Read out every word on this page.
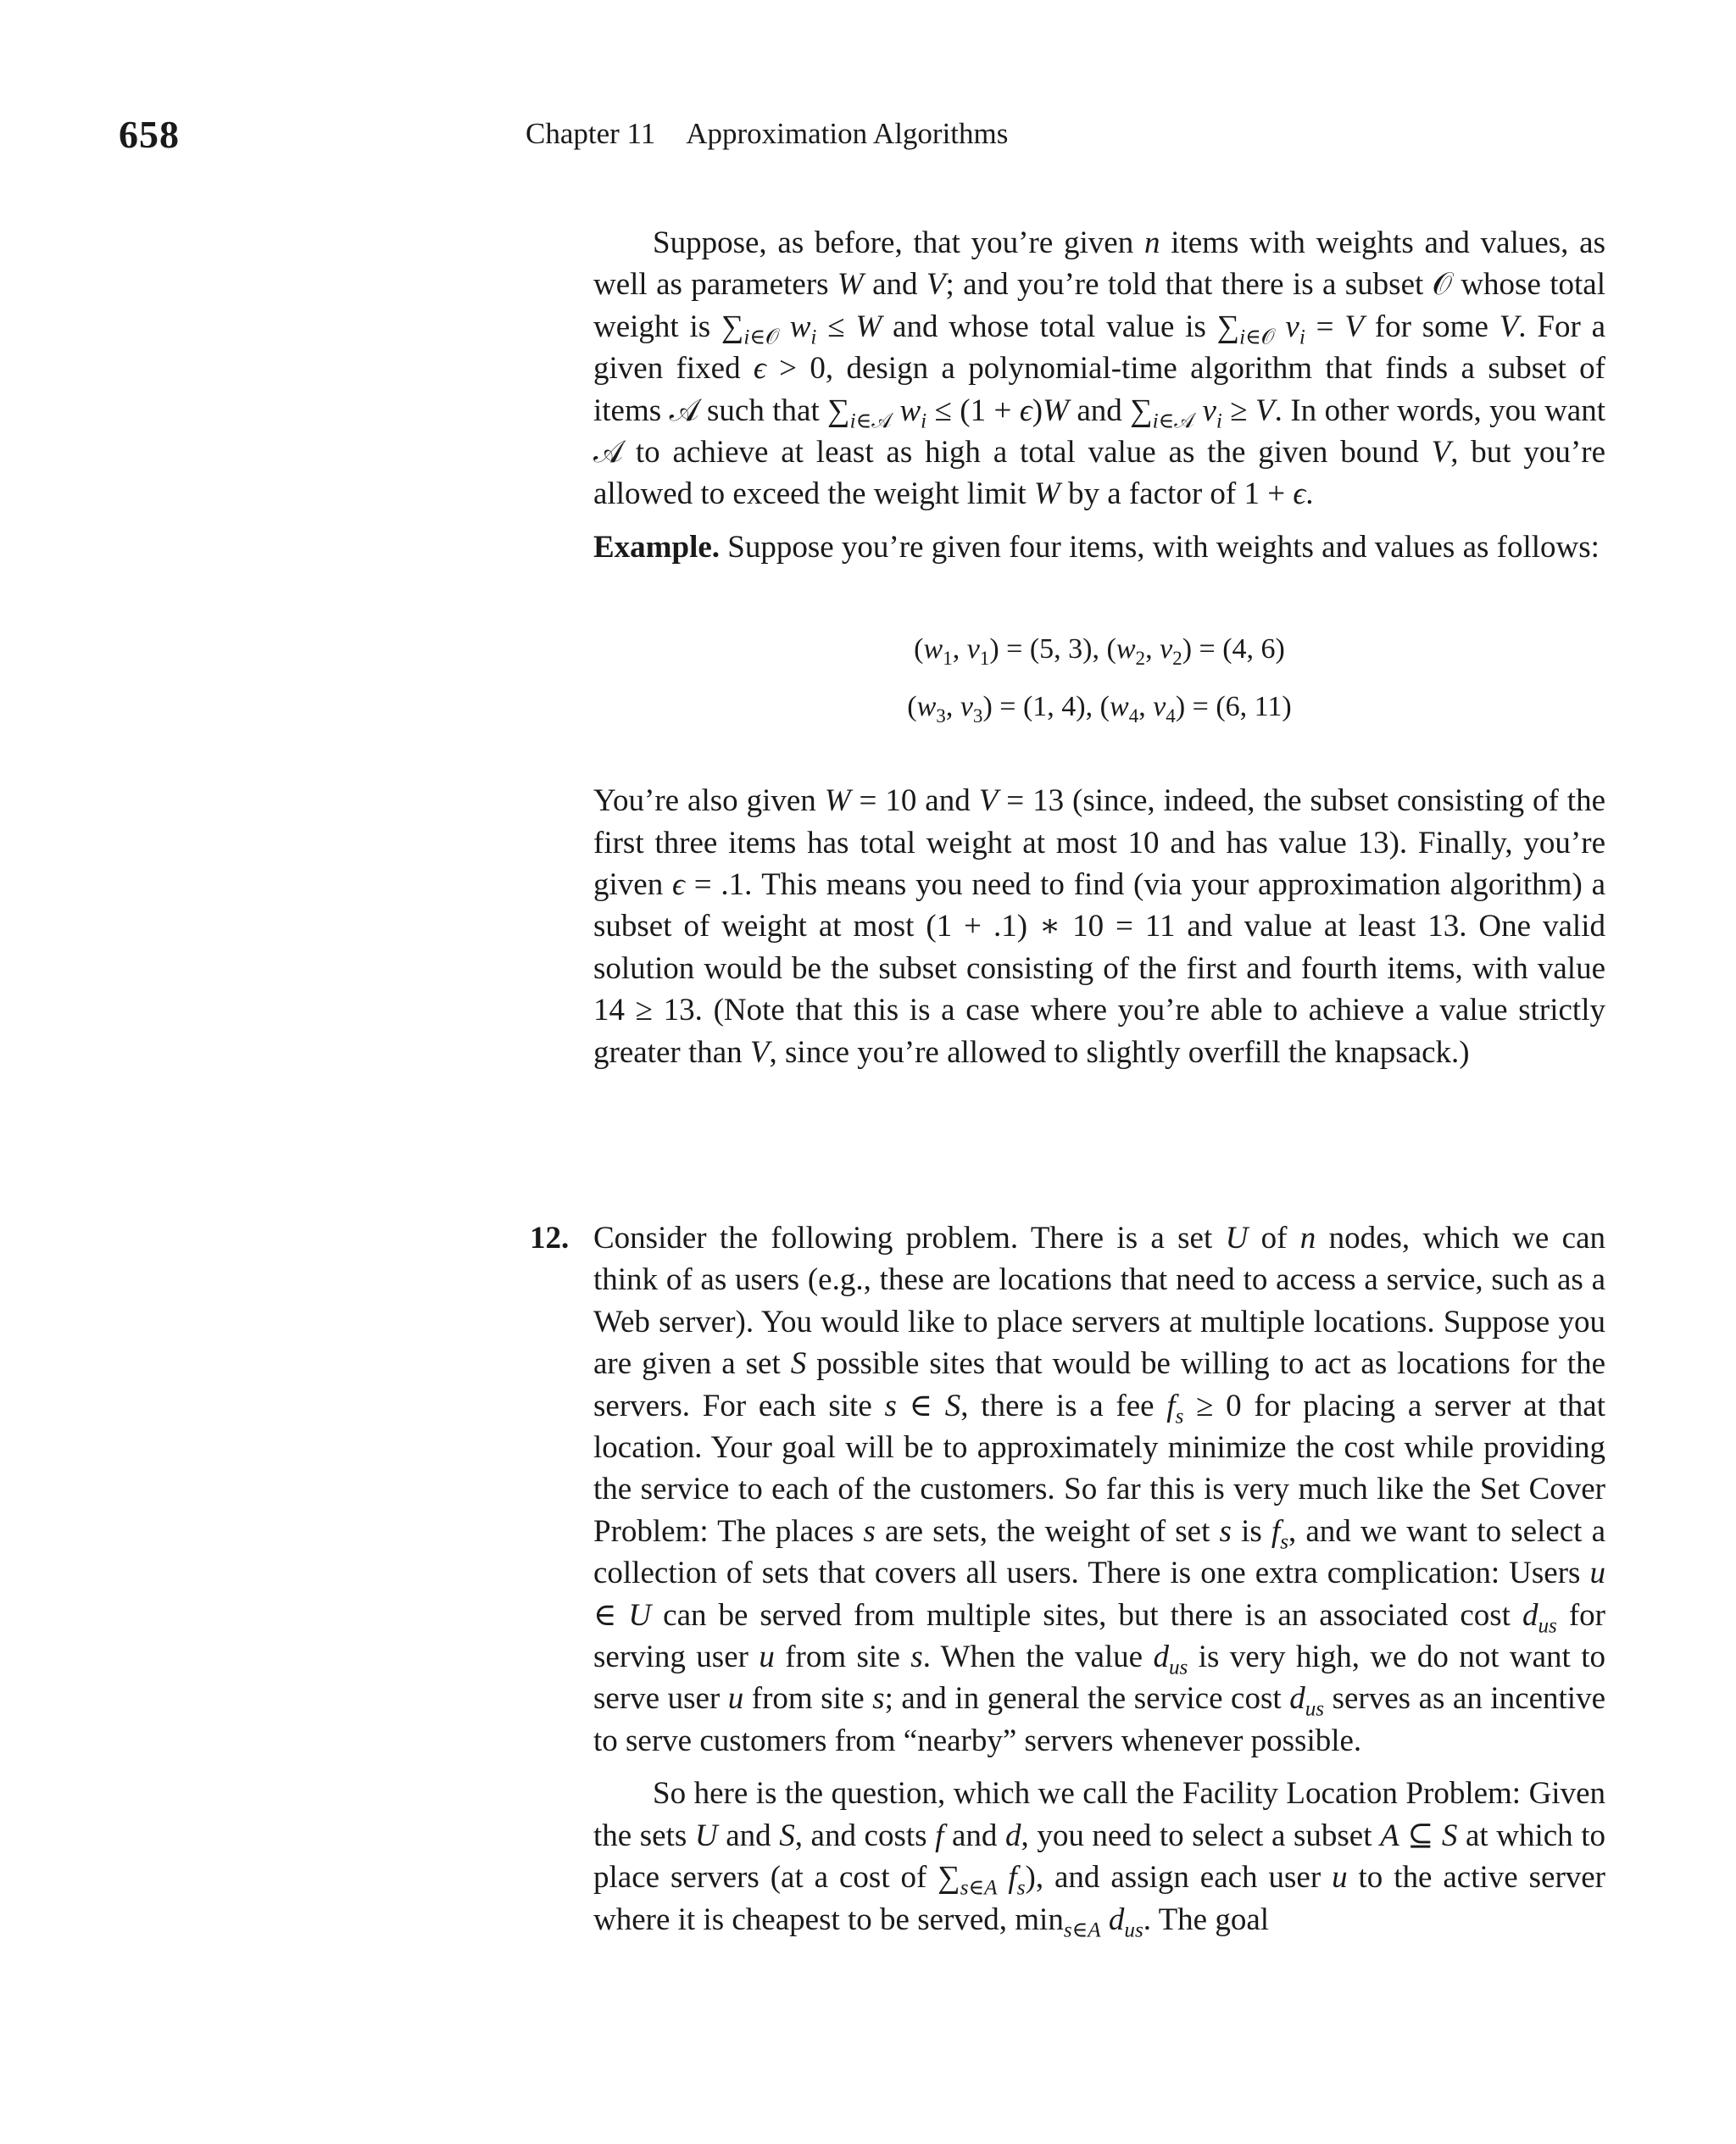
658	Chapter 11 Approximation Algorithms

Suppose, as before, that you’re given n items with weights and values, as well as parameters W and V; and you’re told that there is a subset 𝒪 whose total weight is $\sum_{i\in 𝒪}$ $w_i \le W$ and whose total value is $\sum_{i\in 𝒪}$ $v_i = V$ for some V. For a given fixed ϵ > 0, design a polynomial-time algorithm that finds a subset of items 𝒜 such that $\sum_{i\in 𝒜}$ $w_i \le (1 + \epsilon)W$ and $\sum_{i\in 𝒜}$ $v_i \ge V$. In other words, you want 𝒜 to achieve at least as high a total value as the given bound V, but you’re allowed to exceed the weight limit W by a factor of 1 + ϵ.

Example. Suppose you’re given four items, with weights and values as follows:

($w_1$, $v_1) = (5$, 3), ($w_2$, $v_2) = (4$, 6)
($w_3$, $v_3) = (1$, 4), ($w_4$, $v_4) = (6$, 11)

You’re also given W = 10 and V = 13 (since, indeed, the subset consisting of the first three items has total weight at most 10 and has value 13). Finally, you’re given ϵ = .1. This means you need to find (via your approximation algorithm) a subset of weight at most (1 + .1) ∗ 10 = 11 and value at least 13. One valid solution would be the subset consisting of the first and fourth items, with value 14 ≥ 13. (Note that this is a case where you’re able to achieve a value strictly greater than V, since you’re allowed to slightly overfill the knapsack.)

12. Consider the following problem. There is a set U of n nodes, which we can think of as users (e.g., these are locations that need to access a service, such as a Web server). You would like to place servers at multiple locations. Suppose you are given a set S possible sites that would be willing to act as locations for the servers. For each site s ∈ S, there is a fee $f_s \ge 0$ for placing a server at that location. Your goal will be to approximately minimize the cost while providing the service to each of the customers. So far this is very much like the Set Cover Problem: The places s are sets, the weight of set s is $f_s$, and we want to select a collection of sets that covers all users. There is one extra complication: Users u ∈ U can be served from multiple sites, but there is an associated cost $d_{us}$ for serving user u from site s. When the value $d_{us}$ is very high, we do not want to serve user u from site s; and in general the service cost $d_{us}$ serves as an incentive to serve customers from “nearby” servers whenever possible.

So here is the question, which we call the Facility Location Problem: Given the sets U and S, and costs f and d, you need to select a subset A ⊆ S at which to place servers (at a cost of $\sum_{s\in A}$ $f_s$), and assign each user u to the active server where it is cheapest to be served, $\min_{s\in A} d_{us}$. The goal
